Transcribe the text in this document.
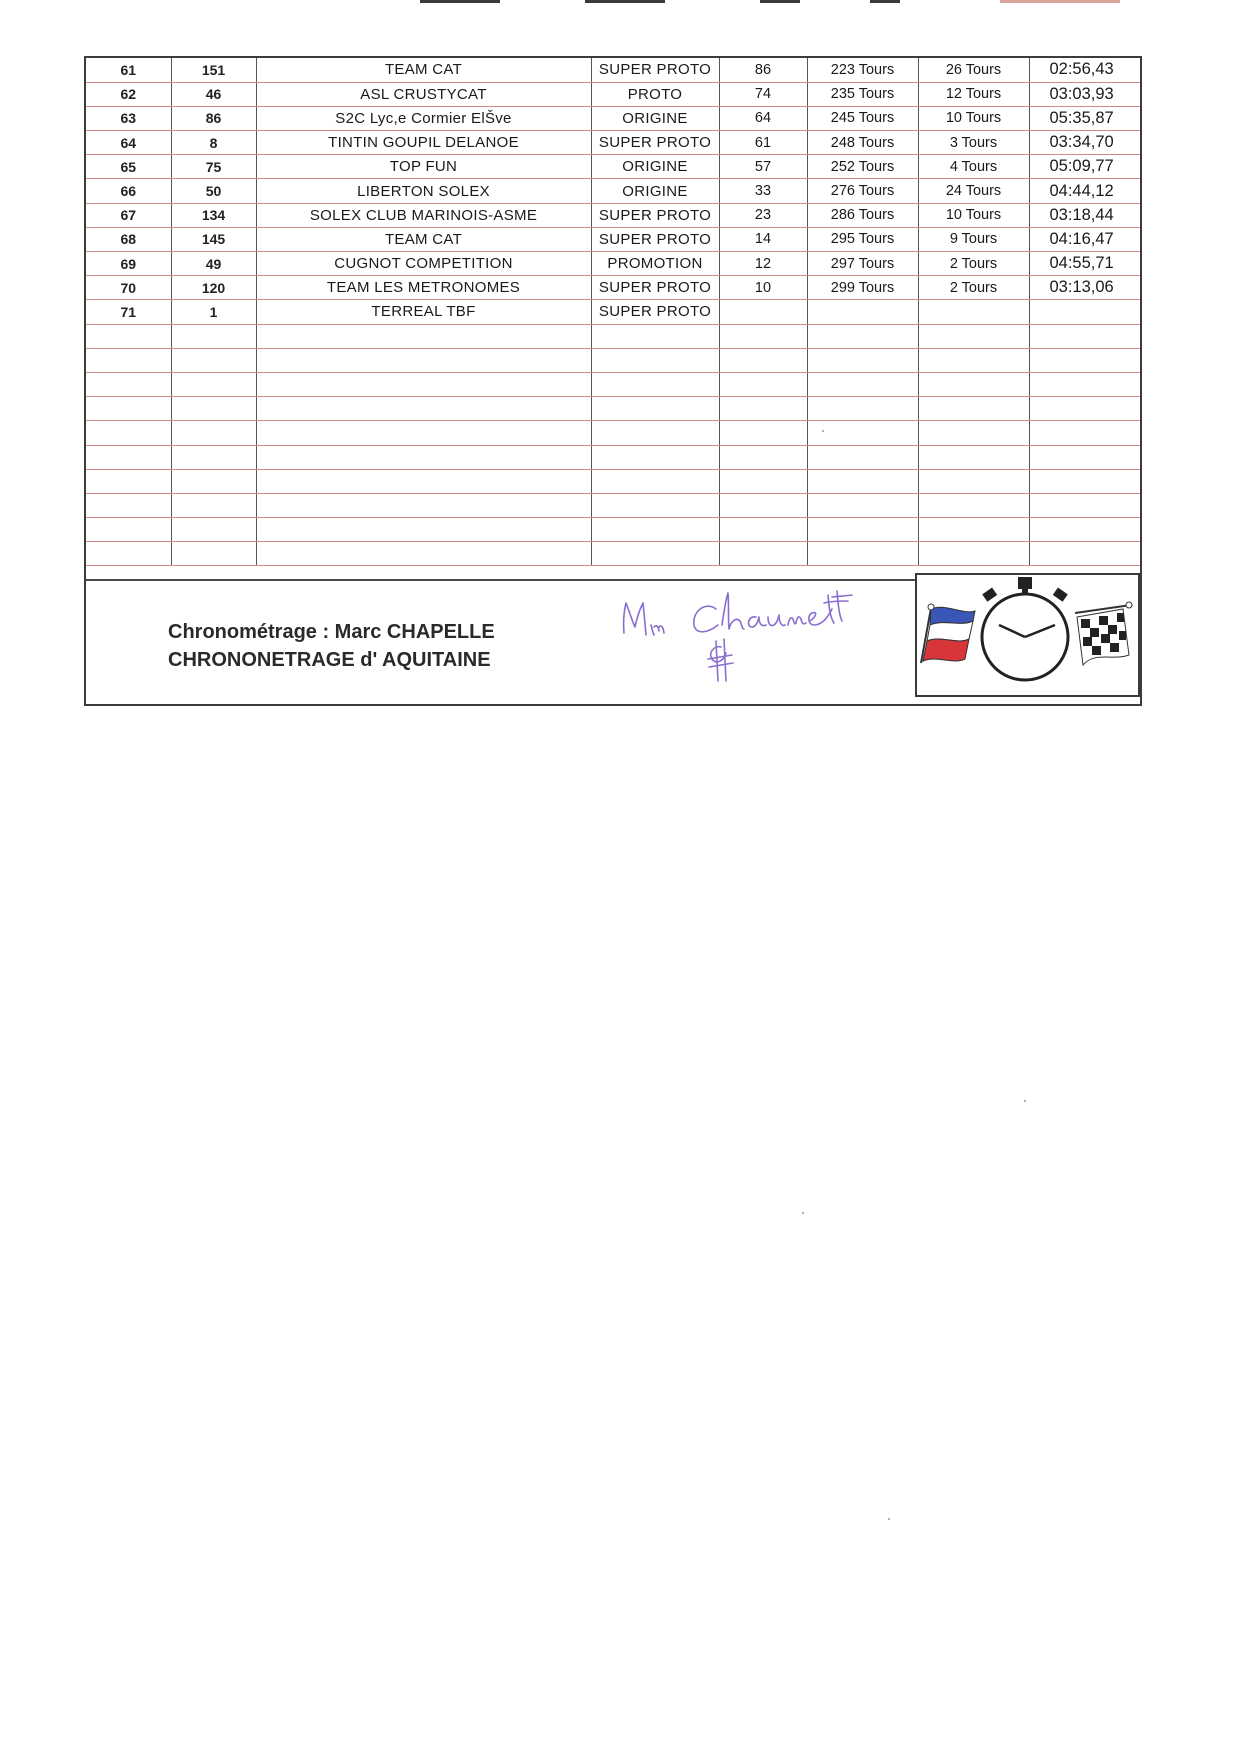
61	151	TEAM CAT	SUPER PROTO	86	223 Tours	26 Tours	02:56,43
62	46	ASL CRUSTYCAT	PROTO	74	235 Tours	12 Tours	03:03,93
63	86	S2C Lyc,e Cormier ElŠve	ORIGINE	64	245 Tours	10 Tours	05:35,87
64	8	TINTIN GOUPIL DELANOE	SUPER PROTO	61	248 Tours	3 Tours	03:34,70
65	75	TOP FUN	ORIGINE	57	252 Tours	4 Tours	05:09,77
66	50	LIBERTON SOLEX	ORIGINE	33	276 Tours	24 Tours	04:44,12
67	134	SOLEX CLUB MARINOIS-ASME	SUPER PROTO	23	286 Tours	10 Tours	03:18,44
68	145	TEAM CAT	SUPER PROTO	14	295 Tours	9 Tours	04:16,47
69	49	CUGNOT COMPETITION	PROMOTION	12	297 Tours	2 Tours	04:55,71
70	120	TEAM LES METRONOMES	SUPER PROTO	10	299 Tours	2 Tours	03:13,06
71	1	TERREAL TBF	SUPER PROTO				

Chronométrage : Marc CHAPELLE
CHRONONETRAGE d' AQUITAINE
